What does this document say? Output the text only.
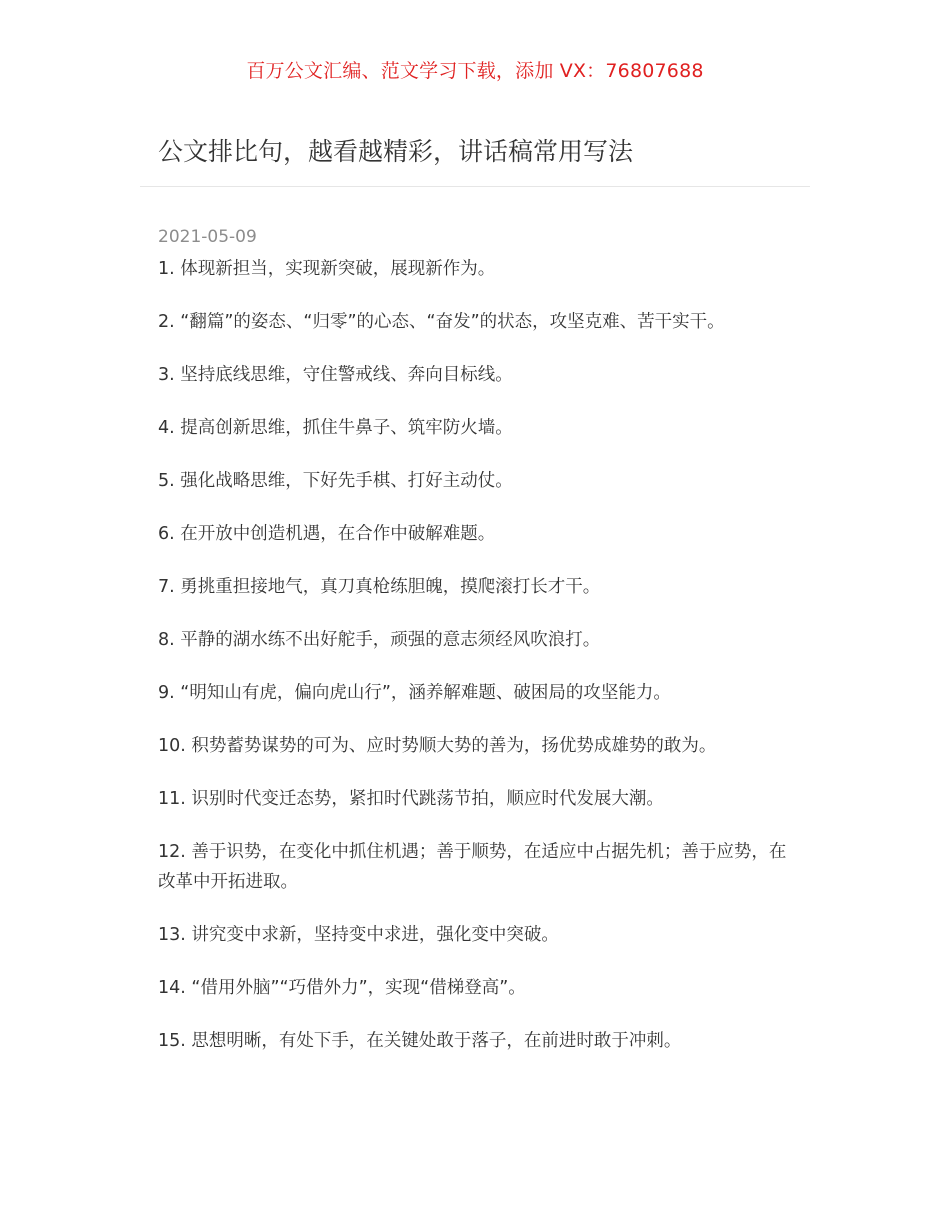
百万公文汇编、范文学习下载，添加 VX：76807688
公文排比句，越看越精彩，讲话稿常用写法
2021-05-09

1. 体现新担当，实现新突破，展现新作为。

2. “翻篇”的姿态、“归零”的心态、“奋发”的状态，攻坚克难、苦干实干。

3. 坚持底线思维，守住警戒线、奔向目标线。

4. 提高创新思维，抓住牛鼻子、筑牢防火墙。

5. 强化战略思维，下好先手棋、打好主动仗。

6. 在开放中创造机遇，在合作中破解难题。

7. 勇挑重担接地气，真刀真枪练胆魄，摸爬滚打长才干。

8. 平静的湖水练不出好舵手，顽强的意志须经风吹浪打。

9. “明知山有虎，偏向虎山行”，涵养解难题、破困局的攻坚能力。

10. 积势蓄势谋势的可为、应时势顺大势的善为，扬优势成雄势的敢为。

11. 识别时代变迁态势，紧扣时代跳荡节拍，顺应时代发展大潮。

12. 善于识势，在变化中抓住机遇；善于顺势，在适应中占据先机；善于应势，在改革中开拓进取。

13. 讲究变中求新，坚持变中求进，强化变中突破。

14. “借用外脑”“巧借外力”，实现“借梯登高”。

15. 思想明晰，有处下手，在关键处敢于落子，在前进时敢于冲刺。
